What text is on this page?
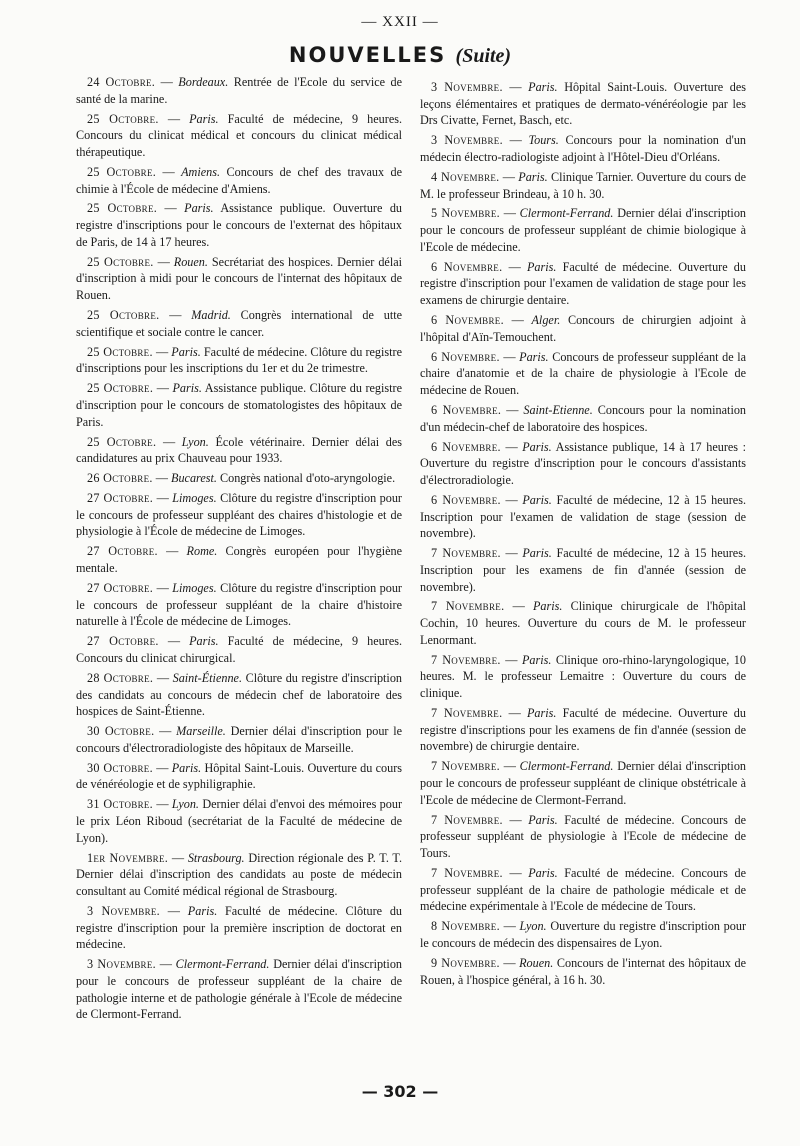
— XXII —
NOUVELLES (Suite)

24 Octobre. — Bordeaux. Rentrée de l'Ecole du service de santé de la marine.

25 Octobre. — Paris. Faculté de médecine, 9 heures. Concours du clinicat médical et concours du clinicat médical thérapeutique.

25 Octobre. — Amiens. Concours de chef des travaux de chimie à l'École de médecine d'Amiens.

25 Octobre. — Paris. Assistance publique. Ouverture du registre d'inscriptions pour le concours de l'externat des hôpitaux de Paris, de 14 à 17 heures.

25 Octobre. — Rouen. Secrétariat des hospices. Dernier délai d'inscription à midi pour le concours de l'internat des hôpitaux de Rouen.

25 Octobre. — Madrid. Congrès international de utte scientifique et sociale contre le cancer.

25 Octobre. — Paris. Faculté de médecine. Clôture du registre d'inscriptions pour les inscriptions du 1er et du 2e trimestre.

25 Octobre. — Paris. Assistance publique. Clôture du registre d'inscription pour le concours de stomatologistes des hôpitaux de Paris.

25 Octobre. — Lyon. École vétérinaire. Dernier délai des candidatures au prix Chauveau pour 1933.

26 Octobre. — Bucarest. Congrès national d'oto-aryngologie.

27 Octobre. — Limoges. Clôture du registre d'inscription pour le concours de professeur suppléant des chaires d'histologie et de physiologie à l'École de médecine de Limoges.

27 Octobre. — Rome. Congrès européen pour l'hygiène mentale.

27 Octobre. — Limoges. Clôture du registre d'inscription pour le concours de professeur suppléant de la chaire d'histoire naturelle à l'École de médecine de Limoges.

27 Octobre. — Paris. Faculté de médecine, 9 heures. Concours du clinicat chirurgical.

28 Octobre. — Saint-Étienne. Clôture du registre d'inscription des candidats au concours de médecin chef de laboratoire des hospices de Saint-Étienne.

30 Octobre. — Marseille. Dernier délai d'inscription pour le concours d'électroradiologiste des hôpitaux de Marseille.

30 Octobre. — Paris. Hôpital Saint-Louis. Ouverture du cours de vénéréologie et de syphiligraphie.

31 Octobre. — Lyon. Dernier délai d'envoi des mémoires pour le prix Léon Riboud (secrétariat de la Faculté de médecine de Lyon).

1er Novembre. — Strasbourg. Direction régionale des P. T. T. Dernier délai d'inscription des candidats au poste de médecin consultant au Comité médical régional de Strasbourg.

3 Novembre. — Paris. Faculté de médecine. Clôture du registre d'inscription pour la première inscription de doctorat en médecine.

3 Novembre. — Clermont-Ferrand. Dernier délai d'inscription pour le concours de professeur suppléant de la chaire de pathologie interne et de pathologie générale à l'Ecole de médecine de Clermont-Ferrand.

3 Novembre. — Paris. Hôpital Saint-Louis. Ouverture des leçons élémentaires et pratiques de dermato-vénéréologie par les Drs Civatte, Fernet, Basch, etc.

3 Novembre. — Tours. Concours pour la nomination d'un médecin électro-radiologiste adjoint à l'Hôtel-Dieu d'Orléans.

4 Novembre. — Paris. Clinique Tarnier. Ouverture du cours de M. le professeur Brindeau, à 10 h. 30.

5 Novembre. — Clermont-Ferrand. Dernier délai d'inscription pour le concours de professeur suppléant de chimie biologique à l'Ecole de médecine.

6 Novembre. — Paris. Faculté de médecine. Ouverture du registre d'inscription pour l'examen de validation de stage pour les examens de chirurgie dentaire.

6 Novembre. — Alger. Concours de chirurgien adjoint à l'hôpital d'Aïn-Temouchent.

6 Novembre. — Paris. Concours de professeur suppléant de la chaire d'anatomie et de la chaire de physiologie à l'Ecole de médecine de Rouen.

6 Novembre. — Saint-Etienne. Concours pour la nomination d'un médecin-chef de laboratoire des hospices.

6 Novembre. — Paris. Assistance publique, 14 à 17 heures : Ouverture du registre d'inscription pour le concours d'assistants d'électroradiologie.

6 Novembre. — Paris. Faculté de médecine, 12 à 15 heures. Inscription pour l'examen de validation de stage (session de novembre).

7 Novembre. — Paris. Faculté de médecine, 12 à 15 heures. Inscription pour les examens de fin d'année (session de novembre).

7 Novembre. — Paris. Clinique chirurgicale de l'hôpital Cochin, 10 heures. Ouverture du cours de M. le professeur Lenormant.

7 Novembre. — Paris. Clinique oro-rhino-laryngologique, 10 heures. M. le professeur Lemaitre : Ouverture du cours de clinique.

7 Novembre. — Paris. Faculté de médecine. Ouverture du registre d'inscriptions pour les examens de fin d'année (session de novembre) de chirurgie dentaire.

7 Novembre. — Clermont-Ferrand. Dernier délai d'inscription pour le concours de professeur suppléant de clinique obstétricale à l'Ecole de médecine de Clermont-Ferrand.

7 Novembre. — Paris. Faculté de médecine. Concours de professeur suppléant de physiologie à l'Ecole de médecine de Tours.

7 Novembre. — Paris. Faculté de médecine. Concours de professeur suppléant de la chaire de pathologie médicale et de médecine expérimentale à l'Ecole de médecine de Tours.

8 Novembre. — Lyon. Ouverture du registre d'inscription pour le concours de médecin des dispensaires de Lyon.

9 Novembre. — Rouen. Concours de l'internat des hôpitaux de Rouen, à l'hospice général, à 16 h. 30.

— 302 —
